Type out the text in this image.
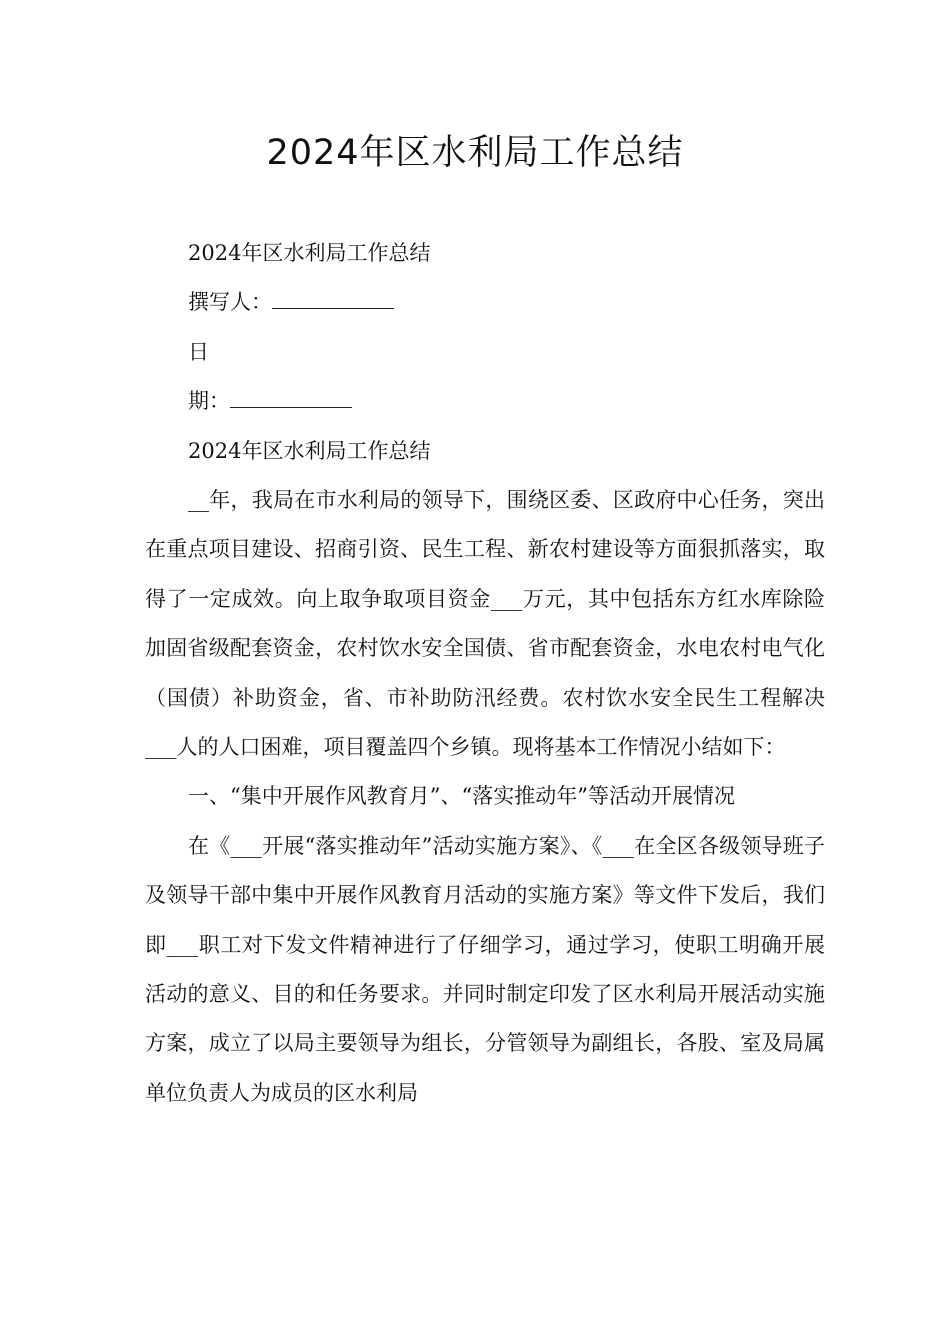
2024年区水利局工作总结
2024年区水利局工作总结
撰写人：
日
期：
2024年区水利局工作总结

__年，我局在市水利局的领导下，围绕区委、区政府中心任务，突出在重点项目建设、招商引资、民生工程、新农村建设等方面狠抓落实，取得了一定成效。向上取争取项目资金___万元，其中包括东方红水库除险加固省级配套资金，农村饮水安全国债、省市配套资金，水电农村电气化（国债）补助资金，省、市补助防汛经费。农村饮水安全民生工程解决___人的人口困难，项目覆盖四个乡镇。现将基本工作情况小结如下：

一、“集中开展作风教育月”、“落实推动年”等活动开展情况

在《___开展“落实推动年”活动实施方案》、《___在全区各级领导班子及领导干部中集中开展作风教育月活动的实施方案》等文件下发后，我们即___职工对下发文件精神进行了仔细学习，通过学习，使职工明确开展活动的意义、目的和任务要求。并同时制定印发了区水利局开展活动实施方案，成立了以局主要领导为组长，分管领导为副组长，各股、室及局属单位负责人为成员的区水利局
